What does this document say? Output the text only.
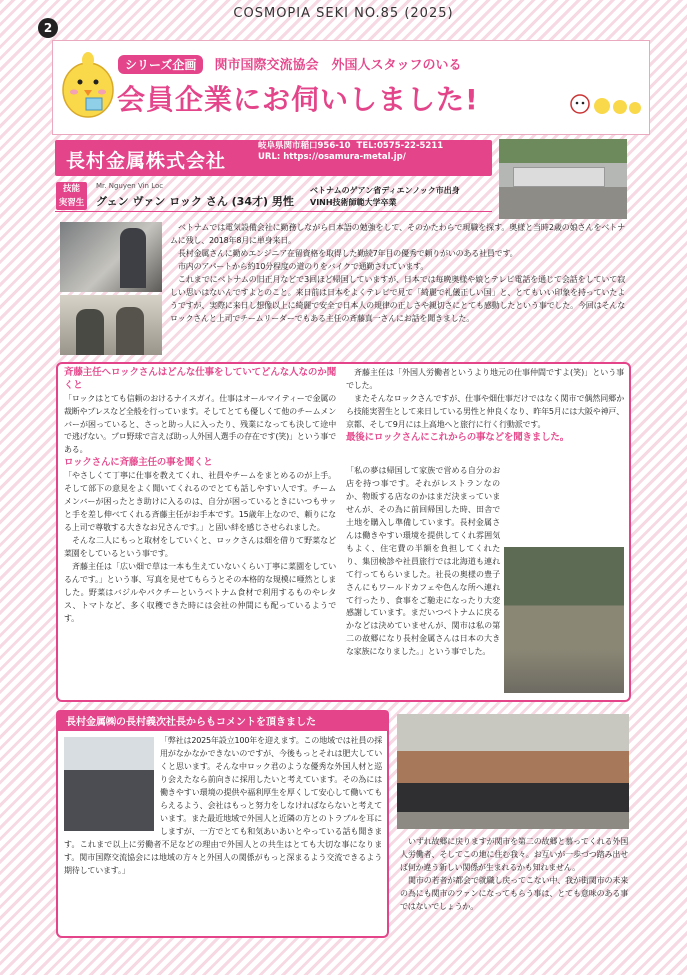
COSMOPIA SEKI NO.85 (2025)
2
シリーズ企画 関市国際交流協会　外国人スタッフのいる
会員企業にお伺いしました!
長村金属株式会社
岐阜県関市稲口956-10 TEL:0575-22-5211
URL: https://osamura-metal.jp/
技能
実習生
Mr. Nguyen Vin Loc
グェン ヴァン ロック さん (34才) 男性
ベトナムのゲアン省ディエンノック市出身
VINH技術師範大学卒業

ベトナムでは電気設備会社に勤務しながら日本語の勉強をして、そのかたわらで現職を探す。奥様と当時2歳の娘さんをベトナムに残し、2018年8月に単身来日。

長村金属さんに勤めエンジニア在留資格を取得した勤続7年目の優秀で頼りがいのある社員です。

市内のアパートから約10分程度の道のりをバイクで通勤されています。

これまでにベトナムの旧正月などで3回ほど帰国していますが、日本では毎晩奥様や娘とテレビ電話を通じて会話をしていて寂しい思いはないんですよとのこと。来日前は日本をよくテレビで見て「綺麗で礼儀正しい国」と、とてもいい印象を持っていたようですが、実際に来日し想像以上に綺麗で安全で日本人の規律の正しさや親切さにとても感動したという事でした。今回はそんなロックさんと上司でチームリーダーでもある主任の斉藤真一さんにお話を聞きました。

斉藤主任へロックさんはどんな仕事をしていてどんな人なのか聞くと

「ロックはとても信頼のおけるナイスガイ。仕事はオールマイティーで金属の裁断やプレスなど全般を行っています。そしてとても優しくて他のチームメンバーが困っていると、さっと助っ人に入ったり、残業になっても決して途中で逃げない。プロ野球で言えば助っ人外国人選手の存在です(笑)」という事である。

ロックさんに斉藤主任の事を聞くと

「やさしくて丁寧に仕事を教えてくれ、社員やチームをまとめるのが上手。そして部下の意見をよく聞いてくれるのでとても話しやすい人です。チームメンバーが困ったとき助けに入るのは、自分が困っているときにいつもサッと手を差し伸べてくれる斉藤主任がお手本です。15歳年上なので、頼りになる上司で尊敬する大きなお兄さんです。」と固い絆を感じさせられました。

そんな二人にもっと取材をしていくと、ロックさんは畑を借りて野菜など菜園をしているという事です。

斉藤主任は「広い畑で草は一本も生えていないくらい丁寧に菜園をしているんです。」という事、写真を見せてもらうとその本格的な規模に唖然としました。野菜はバジルやパクチーというベトナム食材で利用するものやレタス、トマトなど、多く収穫できた時には会社の仲間にも配っているようです。

斉藤主任は「外国人労働者というより地元の仕事仲間ですよ(笑)」という事でした。

またそんなロックさんですが、仕事や畑仕事だけではなく関市で偶然同郷から技能実習生として来日している男性と仲良くなり、昨年5月には大阪や神戸、京都、そして9月には上高地へと旅行に行く行動派です。

最後にロックさんにこれからの事などを聞きました。

「私の夢は帰国して家族で営める自分のお店を持つ事です。それがレストランなのか、物販する店なのかはまだ決まっていませんが、その為に前回帰国した時、田舎で土地を購入し準備しています。長村金属さんは働きやすい環境を提供してくれ雰囲気もよく、住宅費の半額を負担してくれたり、集団検診や社員旅行では北海道も連れて行ってもらいました。社長の奥様の豊子さんにもワールドカフェや色んな所へ連れて行ったり、食事をご馳走になったり大変感謝しています。まだいつベトナムに戻るかなどは決めていませんが、関市は私の第二の故郷になり長村金属さんは日本の大きな家族になりました。」という事でした。

長村金属㈱の長村義次社長からもコメントを頂きました

「弊社は2025年設立100年を迎えます。この地域では社員の採用がなかなかできないのですが、今後もっとそれは肥大していくと思います。そんな中ロック君のような優秀な外国人材と巡り会えたなら前向きに採用したいと考えています。その為には働きやすい環境の提供や福利厚生を厚くして安心して働いてもらえるよう、会社はもっと努力をしなければならないと考えています。また最近地域で外国人と近隣の方とのトラブルを耳にしますが、一方でとても和気あいあいとやっている話も聞きます。これまで以上に労働者不足などの理由で外国人との共生はとても大切な事になります。関市国際交流協会には地域の方々と外国人の関係がもっと深まるよう交流できるよう期待しています。」

いずれ故郷に戻りますが関市を第二の故郷と慕ってくれる外国人労働者、そしてこの地に住む我々。お互いが一歩づつ踏み出せば何か違う新しい関係が生まれるかも知れません。

関市の若者が都会で就職し戻ってこない中、我が街関市の未来の為にも関市のファンになってもらう事は、とても意味のある事ではないでしょうか。
